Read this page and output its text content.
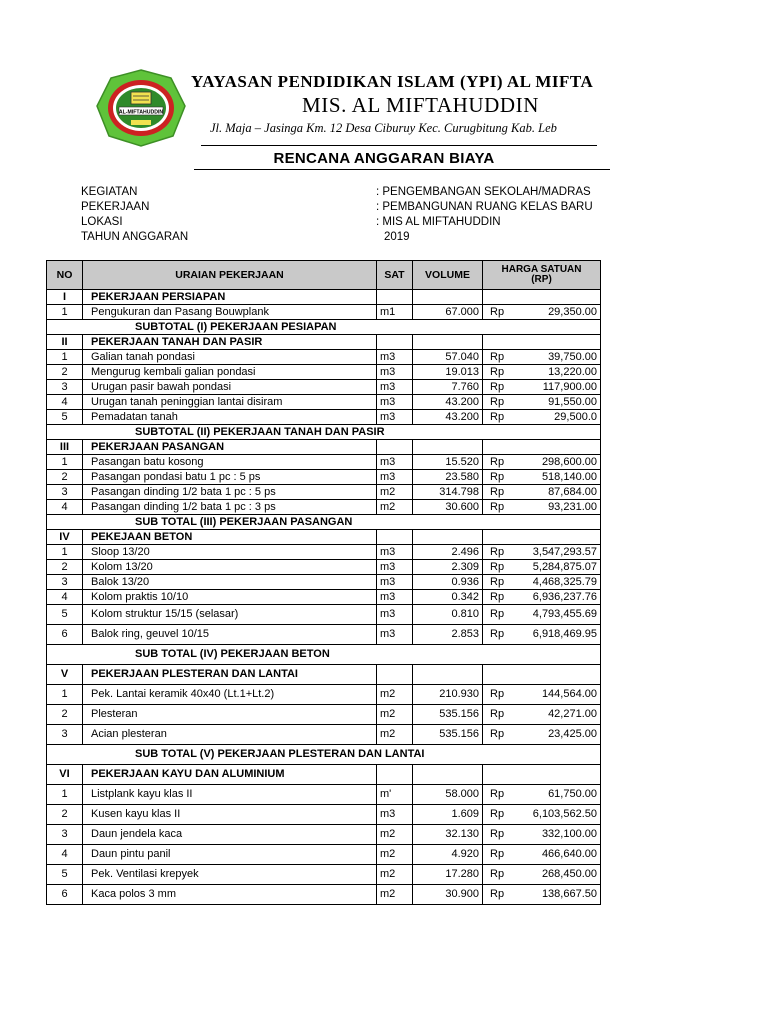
AL-MIFTAHUDDIN
YAYASAN PENDIDIKAN ISLAM (YPI) AL MIFTA
MIS. AL MIFTAHUDDIN
Jl. Maja – Jasinga Km. 12 Desa Ciburuy Kec. Curugbitung Kab. Leb
RENCANA ANGGARAN BIAYA
KEGIATAN	: PENGEMBANGAN SEKOLAH/MADRAS
PEKERJAAN	: PEMBANGUNAN RUANG KELAS BARU
LOKASI	: MIS AL MIFTAHUDDIN
TAHUN ANGGARAN	2019
NO	URAIAN PEKERJAAN	SAT	VOLUME	HARGA SATUAN
(RP)	
I	PEKERJAAN PERSIAPAN				
1	Pengukuran dan Pasang Bouwplank	m1	67.000	Rp	29,350.00
SUBTOTAL (I) PEKERJAAN PESIAPAN					
II	PEKERJAAN TANAH DAN PASIR				
1	Galian tanah pondasi	m3	57.040	Rp	39,750.00
2	Mengurug kembali galian pondasi	m3	19.013	Rp	13,220.00
3	Urugan pasir bawah pondasi	m3	7.760	Rp	117,900.00
4	Urugan tanah peninggian lantai disiram	m3	43.200	Rp	91,550.00
5	Pemadatan tanah	m3	43.200	Rp	29,500.0
SUBTOTAL (II) PEKERJAAN TANAH DAN PASIR					
III	PEKERJAAN PASANGAN				
1	Pasangan batu kosong	m3	15.520	Rp	298,600.00
2	Pasangan pondasi batu 1 pc : 5 ps	m3	23.580	Rp	518,140.00
3	Pasangan dinding 1/2 bata 1 pc : 5 ps	m2	314.798	Rp	87,684.00
4	Pasangan dinding 1/2 bata 1 pc : 3 ps	m2	30.600	Rp	93,231.00
SUB TOTAL (III) PEKERJAAN PASANGAN					
IV	PEKEJAAN BETON				
1	Sloop 13/20	m3	2.496	Rp	3,547,293.57
2	Kolom 13/20	m3	2.309	Rp	5,284,875.07
3	Balok 13/20	m3	0.936	Rp	4,468,325.79
4	Kolom praktis 10/10	m3	0.342	Rp	6,936,237.76
5	Kolom struktur 15/15 (selasar)	m3	0.810	Rp	4,793,455.69
6	Balok ring, geuvel 10/15	m3	2.853	Rp	6,918,469.95
SUB TOTAL (IV) PEKERJAAN BETON					
V	PEKERJAAN PLESTERAN DAN LANTAI				
1	Pek. Lantai keramik 40x40 (Lt.1+Lt.2)	m2	210.930	Rp	144,564.00
2	Plesteran	m2	535.156	Rp	42,271.00
3	Acian plesteran	m2	535.156	Rp	23,425.00
SUB TOTAL (V) PEKERJAAN PLESTERAN DAN LANTAI					
VI	PEKERJAAN KAYU DAN ALUMINIUM				
1	Listplank kayu klas II	m'	58.000	Rp	61,750.00
2	Kusen kayu klas II	m3	1.609	Rp	6,103,562.50
3	Daun jendela kaca	m2	32.130	Rp	332,100.00
4	Daun pintu panil	m2	4.920	Rp	466,640.00
5	Pek. Ventilasi krepyek	m2	17.280	Rp	268,450.00
6	Kaca polos 3 mm	m2	30.900	Rp	138,667.50
